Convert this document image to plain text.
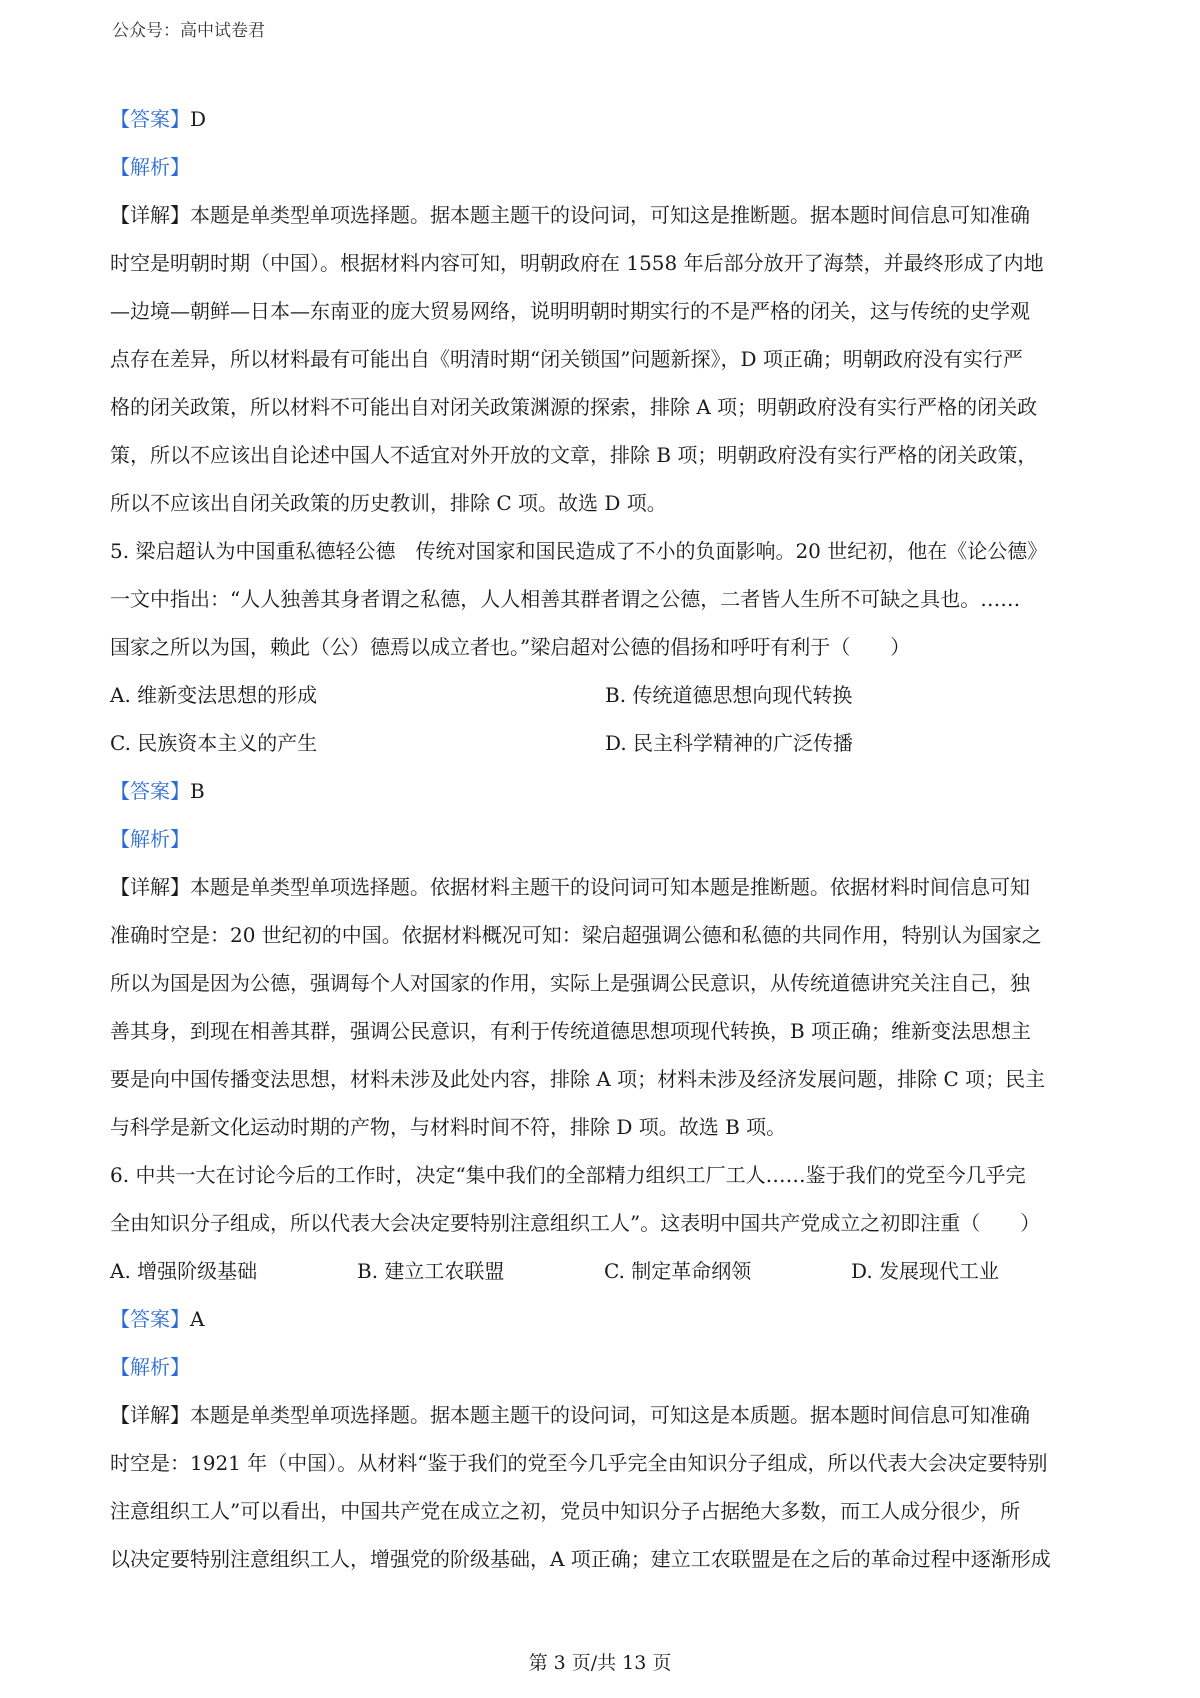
公众号：高中试卷君
【答案】D
【解析】
【详解】本题是单类型单项选择题。据本题主题干的设问词，可知这是推断题。据本题时间信息可知准确
时空是明朝时期（中国）。根据材料内容可知，明朝政府在 1558 年后部分放开了海禁，并最终形成了内地
—边境—朝鲜—日本—东南亚的庞大贸易网络，说明明朝时期实行的不是严格的闭关，这与传统的史学观
点存在差异，所以材料最有可能出自《明清时期“闭关锁国”问题新探》，D 项正确；明朝政府没有实行严
格的闭关政策，所以材料不可能出自对闭关政策渊源的探索，排除 A 项；明朝政府没有实行严格的闭关政
策，所以不应该出自论述中国人不适宜对外开放的文章，排除 B 项；明朝政府没有实行严格的闭关政策，
所以不应该出自闭关政策的历史教训，排除 C 项。故选 D 项。
5. 梁启超认为中国重私德轻公德　传统对国家和国民造成了不小的负面影响。20 世纪初，他在《论公德》
一文中指出：“人人独善其身者谓之私德，人人相善其群者谓之公德，二者皆人生所不可缺之具也。……
国家之所以为国，赖此（公）德焉以成立者也。”梁启超对公德的倡扬和呼吁有利于（　　）
A. 维新变法思想的形成	B. 传统道德思想向现代转换
C. 民族资本主义的产生	D. 民主科学精神的广泛传播
【答案】B
【解析】
【详解】本题是单类型单项选择题。依据材料主题干的设问词可知本题是推断题。依据材料时间信息可知
准确时空是：20 世纪初的中国。依据材料概况可知：梁启超强调公德和私德的共同作用，特别认为国家之
所以为国是因为公德，强调每个人对国家的作用，实际上是强调公民意识，从传统道德讲究关注自己，独
善其身，到现在相善其群，强调公民意识，有利于传统道德思想项现代转换，B 项正确；维新变法思想主
要是向中国传播变法思想，材料未涉及此处内容，排除 A 项；材料未涉及经济发展问题，排除 C 项；民主
与科学是新文化运动时期的产物，与材料时间不符，排除 D 项。故选 B 项。
6. 中共一大在讨论今后的工作时，决定“集中我们的全部精力组织工厂工人……鉴于我们的党至今几乎完
全由知识分子组成，所以代表大会决定要特别注意组织工人”。这表明中国共产党成立之初即注重（　　）
A. 增强阶级基础	B. 建立工农联盟	C. 制定革命纲领	D. 发展现代工业
【答案】A
【解析】
【详解】本题是单类型单项选择题。据本题主题干的设问词，可知这是本质题。据本题时间信息可知准确
时空是：1921 年（中国）。从材料“鉴于我们的党至今几乎完全由知识分子组成，所以代表大会决定要特别
注意组织工人”可以看出，中国共产党在成立之初，党员中知识分子占据绝大多数，而工人成分很少，所
以决定要特别注意组织工人，增强党的阶级基础，A 项正确；建立工农联盟是在之后的革命过程中逐渐形成
第 3 页/共 13 页
